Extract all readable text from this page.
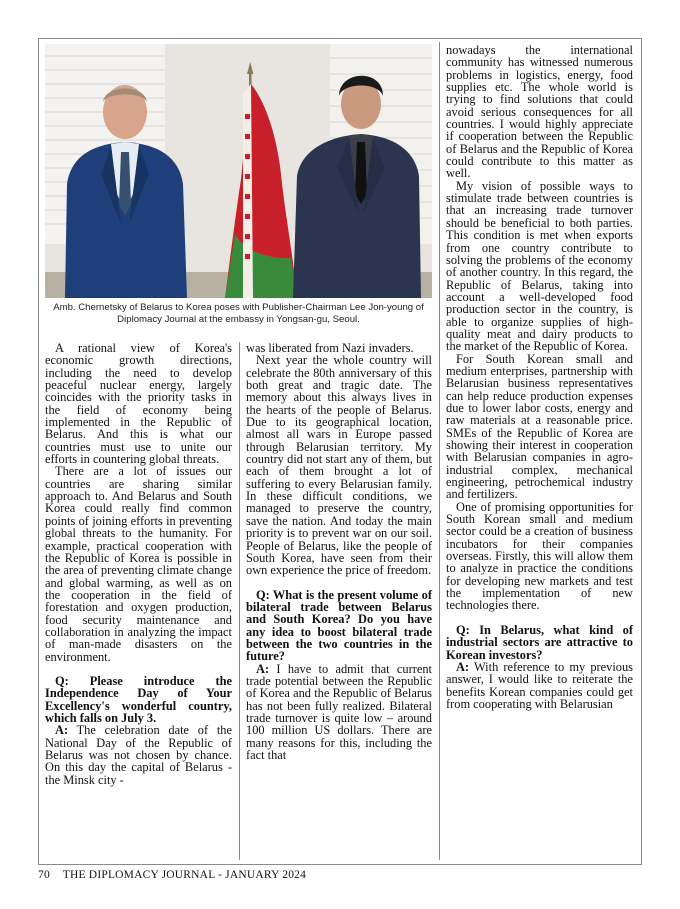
Amb. Chernetsky of Belarus to Korea poses with Publisher-Chairman Lee Jon-young of Diplomacy Journal at the embassy in Yongsan-gu, Seoul.

A rational view of Korea's economic growth directions, including the need to develop peaceful nuclear energy, largely coincides with the priority tasks in the field of economy being implemented in the Republic of Belarus. And this is what our countries must use to unite our efforts in countering global threats.

There are a lot of issues our countries are sharing similar approach to. And Belarus and South Korea could really find common points of joining efforts in preventing global threats to the humanity. For example, practical cooperation with the Republic of Korea is possible in the area of preventing climate change and global warming, as well as on the cooperation in the field of forestation and oxygen production, food security maintenance and collaboration in analyzing the impact of man-made disasters on the environment.

Q: Please introduce the Independence Day of Your Excellency's wonderful country, which falls on July 3.

A: The celebration date of the National Day of the Republic of Belarus was not chosen by chance. On this day the capital of Belarus - the Minsk city -

was liberated from Nazi invaders.

Next year the whole country will celebrate the 80th anniversary of this both great and tragic date. The memory about this always lives in the hearts of the people of Belarus. Due to its geographical location, almost all wars in Europe passed through Belarusian territory. My country did not start any of them, but each of them brought a lot of suffering to every Belarusian family. In these difficult conditions, we managed to preserve the country, save the nation. And today the main priority is to prevent war on our soil. People of Belarus, like the people of South Korea, have seen from their own experience the price of freedom.

Q: What is the present volume of bilateral trade between Belarus and South Korea? Do you have any idea to boost bilateral trade between the two countries in the future?

A: I have to admit that current trade potential between the Republic of Korea and the Republic of Belarus has not been fully realized. Bilateral trade turnover is quite low – around 100 million US dollars. There are many reasons for this, including the fact that

nowadays the international community has witnessed numerous problems in logistics, energy, food supplies etc. The whole world is trying to find solutions that could avoid serious consequences for all countries. I would highly appreciate if cooperation between the Republic of Belarus and the Republic of Korea could contribute to this matter as well.

My vision of possible ways to stimulate trade between countries is that an increasing trade turnover should be beneficial to both parties. This condition is met when exports from one country contribute to solving the problems of the economy of another country. In this regard, the Republic of Belarus, taking into account a well-developed food production sector in the country, is able to organize supplies of high-quality meat and dairy products to the market of the Republic of Korea.

For South Korean small and medium enterprises, partnership with Belarusian business representatives can help reduce production expenses due to lower labor costs, energy and raw materials at a reasonable price. SMEs of the Republic of Korea are showing their interest in cooperation with Belarusian companies in agro-industrial complex, mechanical engineering, petrochemical industry and fertilizers.

One of promising opportunities for South Korean small and medium sector could be a creation of business incubators for their companies overseas. Firstly, this will allow them to analyze in practice the conditions for developing new markets and test the implementation of new technologies there.

Q: In Belarus, what kind of industrial sectors are attractive to Korean investors?

A: With reference to my previous answer, I would like to reiterate the benefits Korean companies could get from cooperating with Belarusian

70 THE DIPLOMACY JOURNAL - JANUARY 2024
